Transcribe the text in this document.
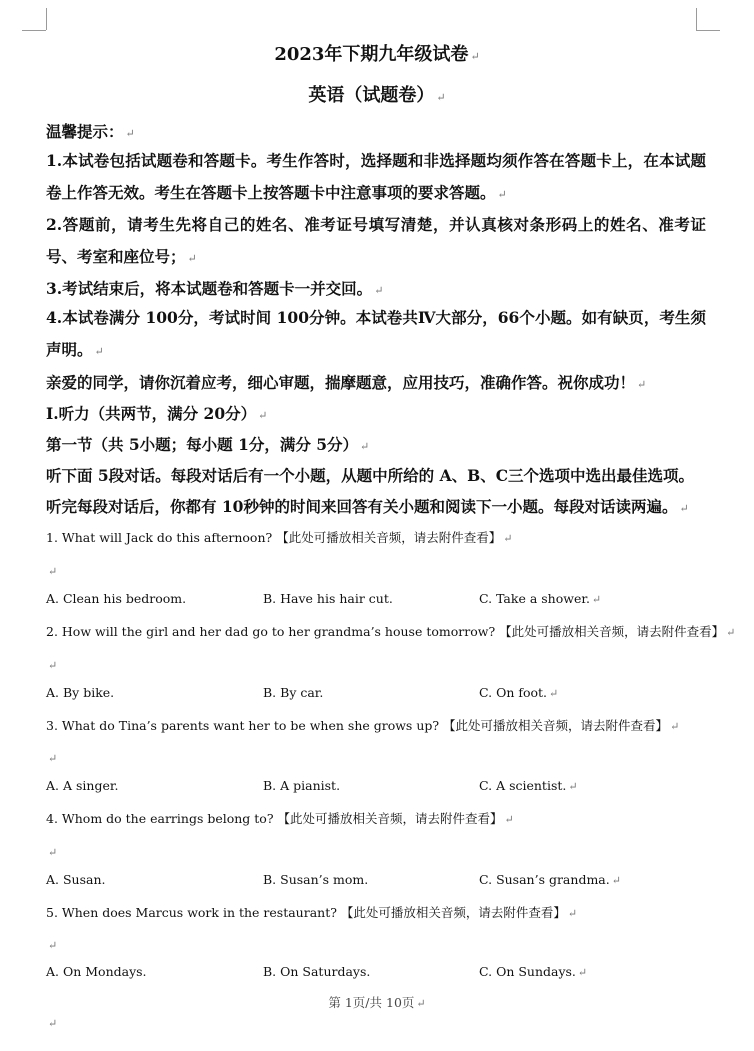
2023年下期九年级试卷 ↵
英语（试题卷） ↵
温馨提示： ↵
1.本试卷包括试题卷和答题卡。考生作答时，选择题和非选择题均须作答在答题卡上，在本试题卷上作答无效。考生在答题卡上按答题卡中注意事项的要求答题。 ↵
2.答题前，请考生先将自己的姓名、准考证号填写清楚，并认真核对条形码上的姓名、准考证号、考室和座位号； ↵
3.考试结束后，将本试题卷和答题卡一并交回。 ↵
4.本试卷满分 100分，考试时间 100分钟。本试卷共Ⅳ大部分，66个小题。如有缺页，考生须声明。 ↵
亲爱的同学，请你沉着应考，细心审题，揣摩题意，应用技巧，准确作答。祝你成功！ ↵
Ⅰ.听力（共两节，满分 20分） ↵
第一节（共 5小题；每小题 1分，满分 5分） ↵
听下面 5段对话。每段对话后有一个小题，从题中所给的 A、B、C三个选项中选出最佳选项。
听完每段对话后，你都有 10秒钟的时间来回答有关小题和阅读下一小题。每段对话读两遍。 ↵
1. What will Jack do this afternoon? 【此处可播放相关音频，请去附件查看】 ↵
↵
A. Clean his bedroom.	B. Have his hair cut.	C. Take a shower. ↵
2. How will the girl and her dad go to her grandma’s house tomorrow? 【此处可播放相关音频，请去附件查看】 ↵
↵
A. By bike.	B. By car.	C. On foot. ↵
3. What do Tina’s parents want her to be when she grows up? 【此处可播放相关音频，请去附件查看】 ↵
↵
A. A singer.	B. A pianist.	C. A scientist. ↵
4. Whom do the earrings belong to? 【此处可播放相关音频，请去附件查看】 ↵
↵
A. Susan.	B. Susan’s mom.	C. Susan’s grandma. ↵
5. When does Marcus work in the restaurant? 【此处可播放相关音频，请去附件查看】 ↵
↵
A. On Mondays.	B. On Saturdays.	C. On Sundays. ↵
第 1页/共 10页 ↵
↵
